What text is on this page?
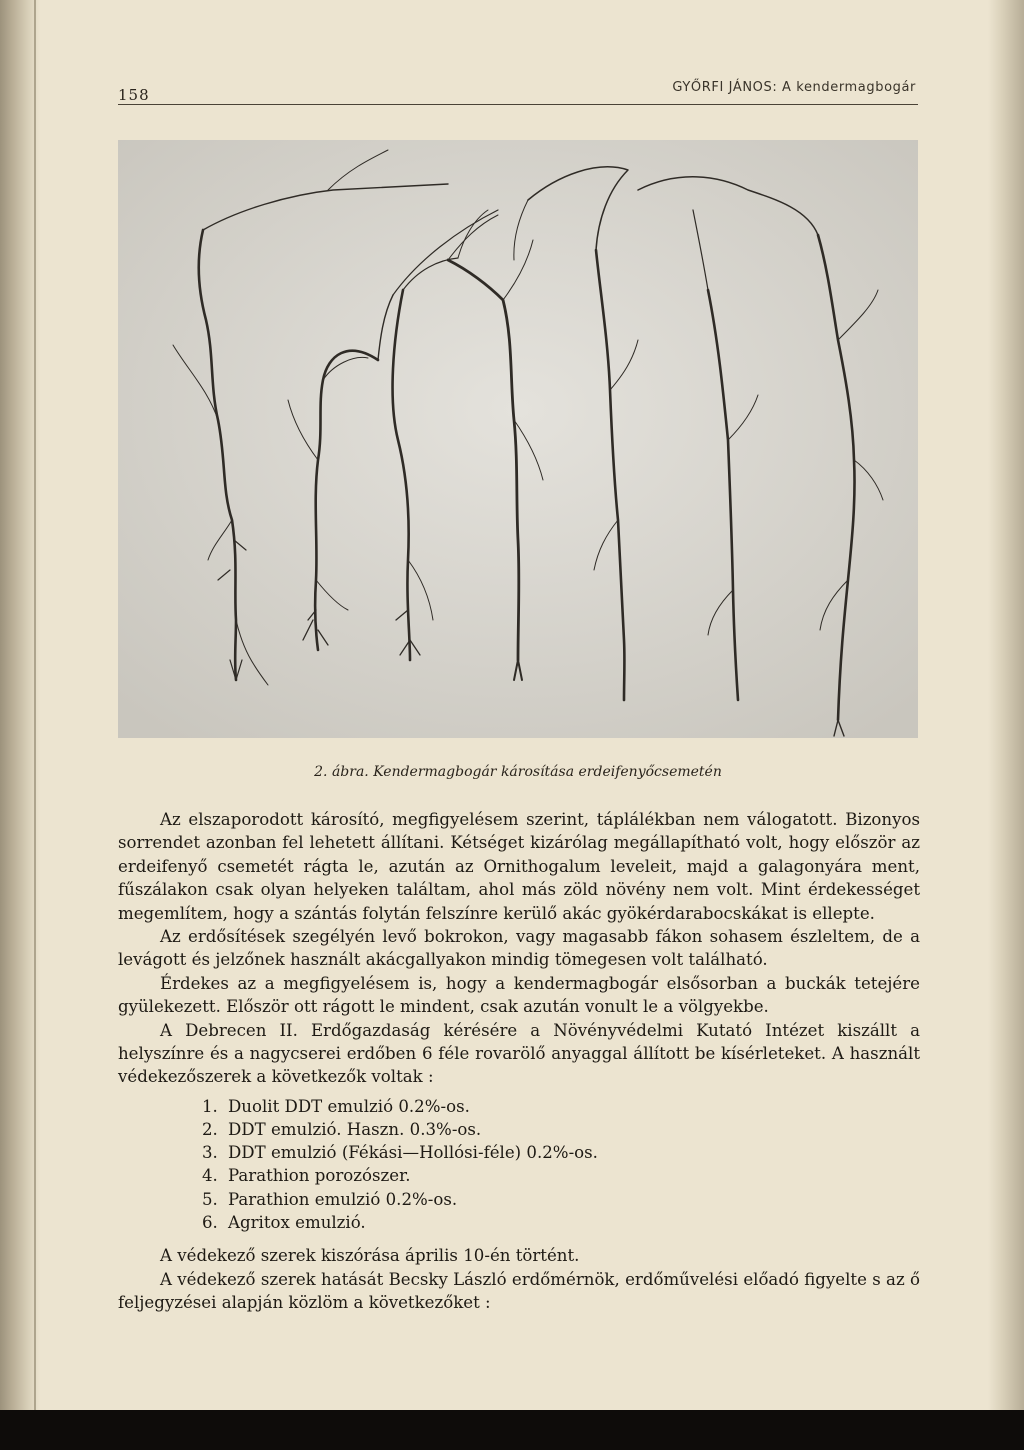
158	GYŐRFI JÁNOS: A kendermagbogár
2. ábra. Kendermagbogár károsítása erdeifenyőcsemetén

Az elszaporodott károsító, megfigyelésem szerint, táplálékban nem válogatott. Bizonyos sorrendet azonban fel lehetett állítani. Kétséget kizárólag megállapítható volt, hogy először az erdeifenyő csemetét rágta le, azután az Ornithogalum leveleit, majd a galagonyára ment, fűszálakon csak olyan helyeken találtam, ahol más zöld növény nem volt. Mint érdekességet megemlítem, hogy a szántás folytán felszínre kerülő akác gyökérdarabocskákat is ellepte.

Az erdősítések szegélyén levő bokrokon, vagy magasabb fákon sohasem észleltem, de a levágott és jelzőnek használt akácgallyakon mindig tömegesen volt található.

Érdekes az a megfigyelésem is, hogy a kendermagbogár elsősorban a buckák tetejére gyülekezett. Először ott rágott le mindent, csak azután vonult le a völgyekbe.

A Debrecen II. Erdőgazdaság kérésére a Növényvédelmi Kutató Intézet kiszállt a helyszínre és a nagycserei erdőben 6 féle rovarölő anyaggal állított be kísérleteket. A használt védekezőszerek a következők voltak :

1. Duolit DDT emulzió 0.2%-os.
2. DDT emulzió. Haszn. 0.3%-os.
3. DDT emulzió (Fékási—Hollósi-féle) 0.2%-os.
4. Parathion porozószer.
5. Parathion emulzió 0.2%-os.
6. Agritox emulzió.

A védekező szerek kiszórása április 10-én történt.

A védekező szerek hatását Becsky László erdőmérnök, erdőművelési előadó figyelte s az ő feljegyzései alapján közlöm a következőket :
